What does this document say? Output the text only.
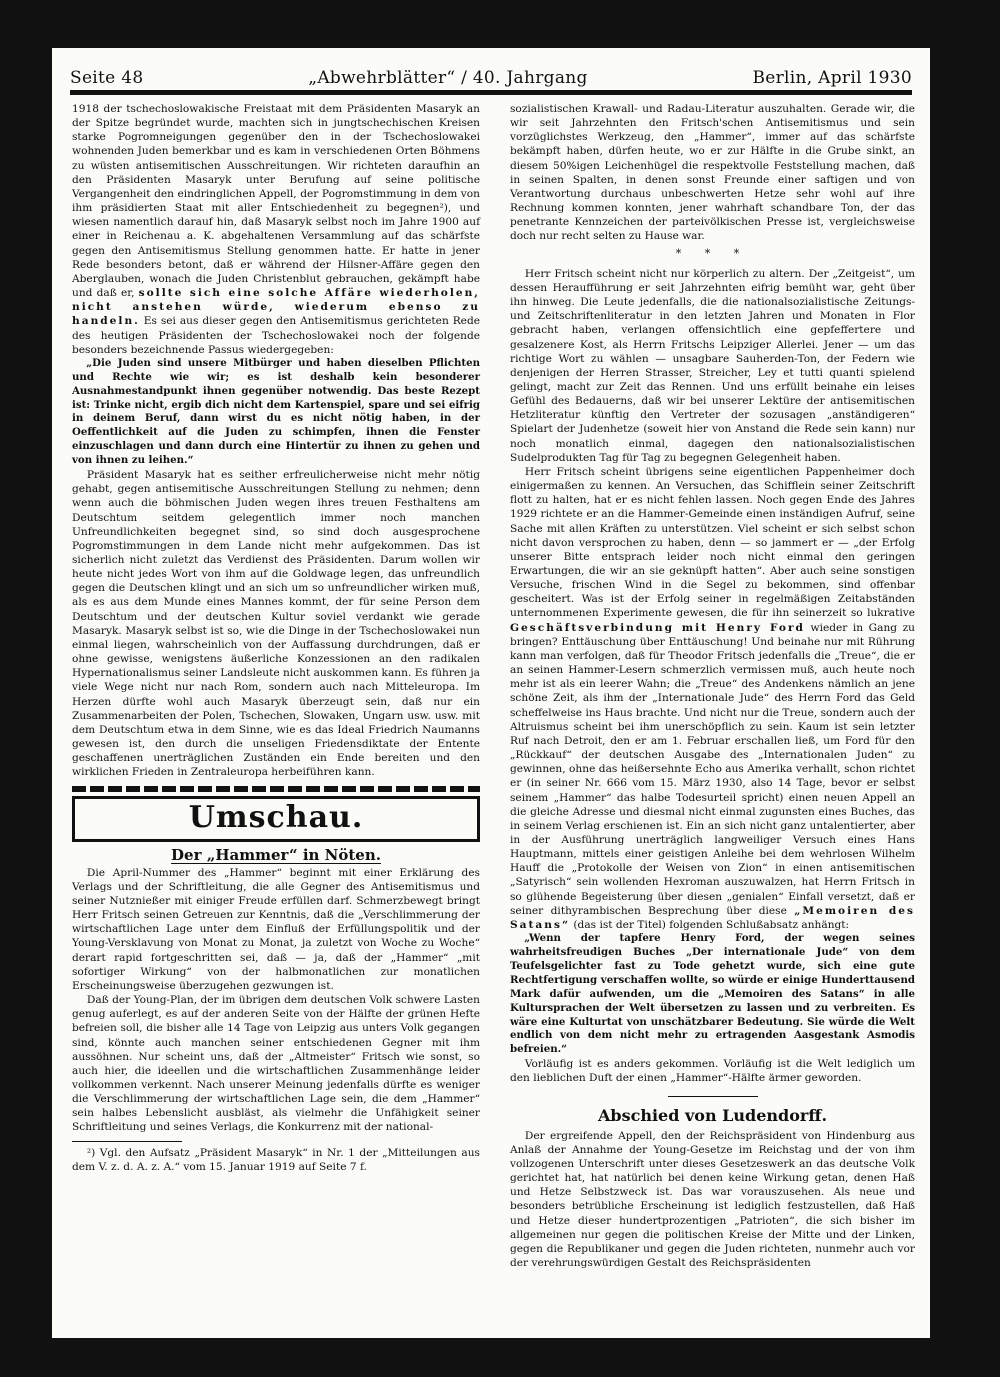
Seite 48	„Abwehrblätter“ / 40. Jahrgang	Berlin, April 1930

1918 der tschechoslowakische Freistaat mit dem Präsidenten Masaryk an der Spitze begründet wurde, machten sich in jungtschechischen Kreisen starke Pogromneigungen gegenüber den in der Tschechoslowakei wohnenden Juden bemerkbar und es kam in verschiedenen Orten Böhmens zu wüsten antisemitischen Ausschreitungen. Wir richteten daraufhin an den Präsidenten Masaryk unter Berufung auf seine politische Vergangenheit den eindringlichen Appell, der Pogromstimmung in dem von ihm präsidierten Staat mit aller Entschiedenheit zu begegnen²), und wiesen namentlich darauf hin, daß Masaryk selbst noch im Jahre 1900 auf einer in Reichenau a. K. abgehaltenen Versammlung auf das schärfste gegen den Antisemitismus Stellung genommen hatte. Er hatte in jener Rede besonders betont, daß er während der Hilsner-Affäre gegen den Aberglauben, wonach die Juden Christenblut gebrauchen, gekämpft habe und daß er, sollte sich eine solche Affäre wiederholen, nicht anstehen würde, wiederum ebenso zu handeln. Es sei aus dieser gegen den Antisemitismus gerichteten Rede des heutigen Präsidenten der Tschechoslowakei noch der folgende besonders bezeichnende Passus wiedergegeben:

„Die Juden sind unsere Mitbürger und haben dieselben Pflichten und Rechte wie wir; es ist deshalb kein besonderer Ausnahmestandpunkt ihnen gegenüber notwendig. Das beste Rezept ist: Trinke nicht, ergib dich nicht dem Kartenspiel, spare und sei eifrig in deinem Beruf, dann wirst du es nicht nötig haben, in der Oeffentlichkeit auf die Juden zu schimpfen, ihnen die Fenster einzuschlagen und dann durch eine Hintertür zu ihnen zu gehen und von ihnen zu leihen.“

Präsident Masaryk hat es seither erfreulicherweise nicht mehr nötig gehabt, gegen antisemitische Ausschreitungen Stellung zu nehmen; denn wenn auch die böhmischen Juden wegen ihres treuen Festhaltens am Deutschtum seitdem gelegentlich immer noch manchen Unfreundlichkeiten begegnet sind, so sind doch ausgesprochene Pogromstimmungen in dem Lande nicht mehr aufgekommen. Das ist sicherlich nicht zuletzt das Verdienst des Präsidenten. Darum wollen wir heute nicht jedes Wort von ihm auf die Goldwage legen, das unfreundlich gegen die Deutschen klingt und an sich um so unfreundlicher wirken muß, als es aus dem Munde eines Mannes kommt, der für seine Person dem Deutschtum und der deutschen Kultur soviel verdankt wie gerade Masaryk. Masaryk selbst ist so, wie die Dinge in der Tschechoslowakei nun einmal liegen, wahrscheinlich von der Auffassung durchdrungen, daß er ohne gewisse, wenigstens äußerliche Konzessionen an den radikalen Hypernationalismus seiner Landsleute nicht auskommen kann. Es führen ja viele Wege nicht nur nach Rom, sondern auch nach Mitteleuropa. Im Herzen dürfte wohl auch Masaryk überzeugt sein, daß nur ein Zusammenarbeiten der Polen, Tschechen, Slowaken, Ungarn usw. usw. mit dem Deutschtum etwa in dem Sinne, wie es das Ideal Friedrich Naumanns gewesen ist, den durch die unseligen Friedensdiktate der Entente geschaffenen unerträglichen Zuständen ein Ende bereiten und den wirklichen Frieden in Zentraleuropa herbeiführen kann.

Umschau.
Der „Hammer“ in Nöten.

Die April-Nummer des „Hammer“ beginnt mit einer Erklärung des Verlags und der Schriftleitung, die alle Gegner des Antisemitismus und seiner Nutznießer mit einiger Freude erfüllen darf. Schmerzbewegt bringt Herr Fritsch seinen Getreuen zur Kenntnis, daß die „Verschlimmerung der wirtschaftlichen Lage unter dem Einfluß der Erfüllungspolitik und der Young-Versklavung von Monat zu Monat, ja zuletzt von Woche zu Woche“ derart rapid fortgeschritten sei, daß — ja, daß der „Hammer“ „mit sofortiger Wirkung“ von der halbmonatlichen zur monatlichen Erscheinungsweise überzugehen gezwungen ist.

Daß der Young-Plan, der im übrigen dem deutschen Volk schwere Lasten genug auferlegt, es auf der anderen Seite von der Hälfte der grünen Hefte befreien soll, die bisher alle 14 Tage von Leipzig aus unters Volk gegangen sind, könnte auch manchen seiner entschiedenen Gegner mit ihm aussöhnen. Nur scheint uns, daß der „Altmeister“ Fritsch wie sonst, so auch hier, die ideellen und die wirtschaftlichen Zusammenhänge leider vollkommen verkennt. Nach unserer Meinung jedenfalls dürfte es weniger die Verschlimmerung der wirtschaftlichen Lage sein, die dem „Hammer“ sein halbes Lebenslicht ausbläst, als vielmehr die Unfähigkeit seiner Schriftleitung und seines Verlags, die Konkurrenz mit der national-

²) Vgl. den Aufsatz „Präsident Masaryk“ in Nr. 1 der „Mitteilungen aus dem V. z. d. A. z. A.“ vom 15. Januar 1919 auf Seite 7 f.

sozialistischen Krawall- und Radau-Literatur auszuhalten. Gerade wir, die wir seit Jahrzehnten den Fritsch'schen Antisemitismus und sein vorzüglichstes Werkzeug, den „Hammer“, immer auf das schärfste bekämpft haben, dürfen heute, wo er zur Hälfte in die Grube sinkt, an diesem 50%igen Leichenhügel die respektvolle Feststellung machen, daß in seinen Spalten, in denen sonst Freunde einer saftigen und von Verantwortung durchaus unbeschwerten Hetze sehr wohl auf ihre Rechnung kommen konnten, jener wahrhaft schandbare Ton, der das penetrante Kennzeichen der parteivölkischen Presse ist, vergleichsweise doch nur recht selten zu Hause war.

* * *

Herr Fritsch scheint nicht nur körperlich zu altern. Der „Zeitgeist“, um dessen Heraufführung er seit Jahrzehnten eifrig bemüht war, geht über ihn hinweg. Die Leute jedenfalls, die die nationalsozialistische Zeitungs- und Zeitschriftenliteratur in den letzten Jahren und Monaten in Flor gebracht haben, verlangen offensichtlich eine gepfeffertere und gesalzenere Kost, als Herrn Fritschs Leipziger Allerlei. Jener — um das richtige Wort zu wählen — unsagbare Sauherden-Ton, der Federn wie denjenigen der Herren Strasser, Streicher, Ley et tutti quanti spielend gelingt, macht zur Zeit das Rennen. Und uns erfüllt beinahe ein leises Gefühl des Bedauerns, daß wir bei unserer Lektüre der antisemitischen Hetzliteratur künftig den Vertreter der sozusagen „anständigeren“ Spielart der Judenhetze (soweit hier von Anstand die Rede sein kann) nur noch monatlich einmal, dagegen den nationalsozialistischen Sudelprodukten Tag für Tag zu begegnen Gelegenheit haben.

Herr Fritsch scheint übrigens seine eigentlichen Pappenheimer doch einigermaßen zu kennen. An Versuchen, das Schifflein seiner Zeitschrift flott zu halten, hat er es nicht fehlen lassen. Noch gegen Ende des Jahres 1929 richtete er an die Hammer-Gemeinde einen inständigen Aufruf, seine Sache mit allen Kräften zu unterstützen. Viel scheint er sich selbst schon nicht davon versprochen zu haben, denn — so jammert er — „der Erfolg unserer Bitte entsprach leider noch nicht einmal den geringen Erwartungen, die wir an sie geknüpft hatten“. Aber auch seine sonstigen Versuche, frischen Wind in die Segel zu bekommen, sind offenbar gescheitert. Was ist der Erfolg seiner in regelmäßigen Zeitabständen unternommenen Experimente gewesen, die für ihn seinerzeit so lukrative Geschäftsverbindung mit Henry Ford wieder in Gang zu bringen? Enttäuschung über Enttäuschung! Und beinahe nur mit Rührung kann man verfolgen, daß für Theodor Fritsch jedenfalls die „Treue“, die er an seinen Hammer-Lesern schmerzlich vermissen muß, auch heute noch mehr ist als ein leerer Wahn; die „Treue“ des Andenkens nämlich an jene schöne Zeit, als ihm der „Internationale Jude“ des Herrn Ford das Geld scheffelweise ins Haus brachte. Und nicht nur die Treue, sondern auch der Altruismus scheint bei ihm unerschöpflich zu sein. Kaum ist sein letzter Ruf nach Detroit, den er am 1. Februar erschallen ließ, um Ford für den „Rückkauf“ der deutschen Ausgabe des „Internationalen Juden“ zu gewinnen, ohne das heißersehnte Echo aus Amerika verhallt, schon richtet er (in seiner Nr. 666 vom 15. März 1930, also 14 Tage, bevor er selbst seinem „Hammer“ das halbe Todesurteil spricht) einen neuen Appell an die gleiche Adresse und diesmal nicht einmal zugunsten eines Buches, das in seinem Verlag erschienen ist. Ein an sich nicht ganz untalentierter, aber in der Ausführung unerträglich langweiliger Versuch eines Hans Hauptmann, mittels einer geistigen Anleihe bei dem wehrlosen Wilhelm Hauff die „Protokolle der Weisen von Zion“ in einen antisemitischen „Satyrisch“ sein wollenden Hexroman auszuwalzen, hat Herrn Fritsch in so glühende Begeisterung über diesen „genialen“ Einfall versetzt, daß er seiner dithyrambischen Besprechung über diese „Memoiren des Satans“ (das ist der Titel) folgenden Schlußabsatz anhängt:

„Wenn der tapfere Henry Ford, der wegen seines wahrheitsfreudigen Buches „Der internationale Jude“ von dem Teufelsgelichter fast zu Tode gehetzt wurde, sich eine gute Rechtfertigung verschaffen wollte, so würde er einige Hunderttausend Mark dafür aufwenden, um die „Memoiren des Satans“ in alle Kultursprachen der Welt übersetzen zu lassen und zu verbreiten. Es wäre eine Kulturtat von unschätzbarer Bedeutung. Sie würde die Welt endlich von dem nicht mehr zu ertragenden Aasgestank Asmodis befreien.“

Vorläufig ist es anders gekommen. Vorläufig ist die Welt lediglich um den lieblichen Duft der einen „Hammer“-Hälfte ärmer geworden.

Abschied von Ludendorff.

Der ergreifende Appell, den der Reichspräsident von Hindenburg aus Anlaß der Annahme der Young-Gesetze im Reichstag und der von ihm vollzogenen Unterschrift unter dieses Gesetzeswerk an das deutsche Volk gerichtet hat, hat natürlich bei denen keine Wirkung getan, denen Haß und Hetze Selbstzweck ist. Das war vorauszusehen. Als neue und besonders betrübliche Erscheinung ist lediglich festzustellen, daß Haß und Hetze dieser hundertprozentigen „Patrioten“, die sich bisher im allgemeinen nur gegen die politischen Kreise der Mitte und der Linken, gegen die Republikaner und gegen die Juden richteten, nunmehr auch vor der verehrungswürdigen Gestalt des Reichspräsidenten
